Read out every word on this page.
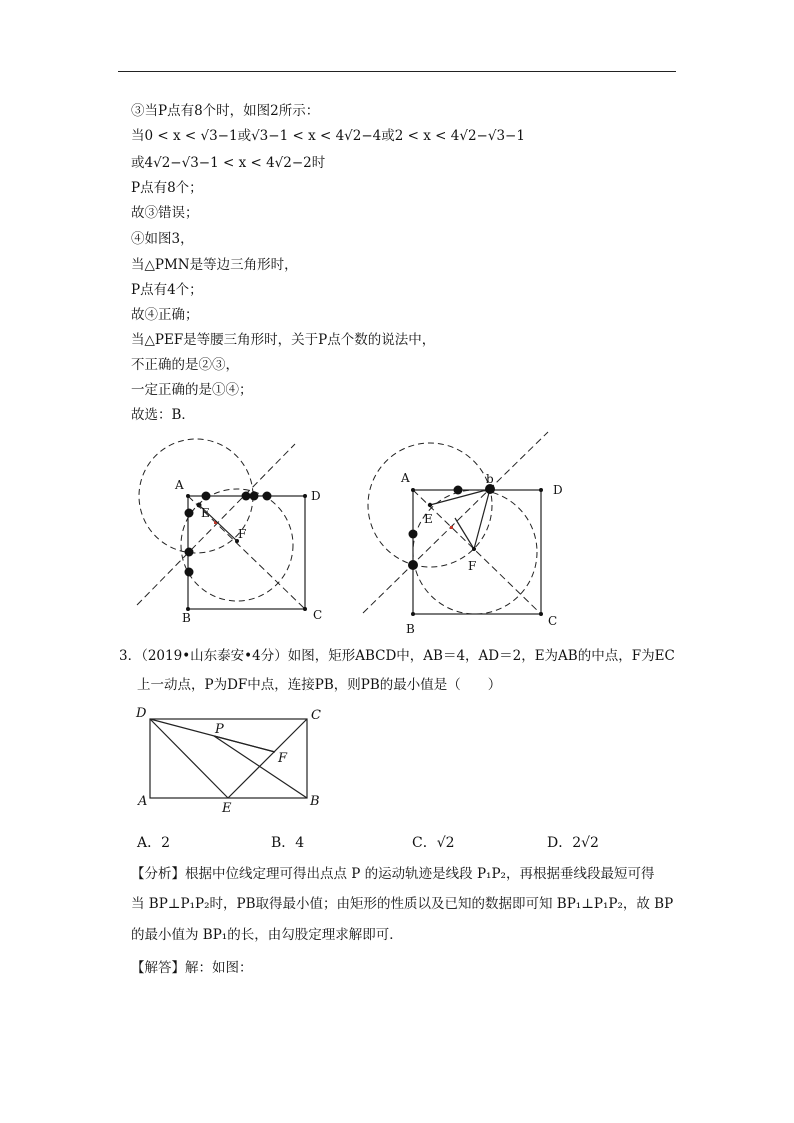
③当P点有8个时，如图2所示：
当0 < x < √3−1或√3−1 < x < 4√2−4或2 < x < 4√2−√3−1
或4√2−√3−1 < x < 4√2−2时
P点有8个；
故③错误；
④如图3，
当△PMN是等边三角形时，
P点有4个；
故④正确；
当△PEF是等腰三角形时，关于P点个数的说法中，
不正确的是②③，
一定正确的是①④；
故选：B．
A
B	C
D
E
F
A
B
C
D
E
F
b
D	C
A	B
E
F
P
3．（2019•山东泰安•4分）如图，矩形ABCD中，AB＝4，AD＝2，E为AB的中点，F为EC
上一动点，P为DF中点，连接PB，则PB的最小值是（　　）
A．2	B．4	C．√2	D．2√2
【分析】根据中位线定理可得出点点 P 的运动轨迹是线段 P₁P₂，再根据垂线段最短可得
当 BP⊥P₁P₂时，PB取得最小值；由矩形的性质以及已知的数据即可知 BP₁⊥P₁P₂，故 BP
的最小值为 BP₁的长，由勾股定理求解即可．
【解答】解：如图：
